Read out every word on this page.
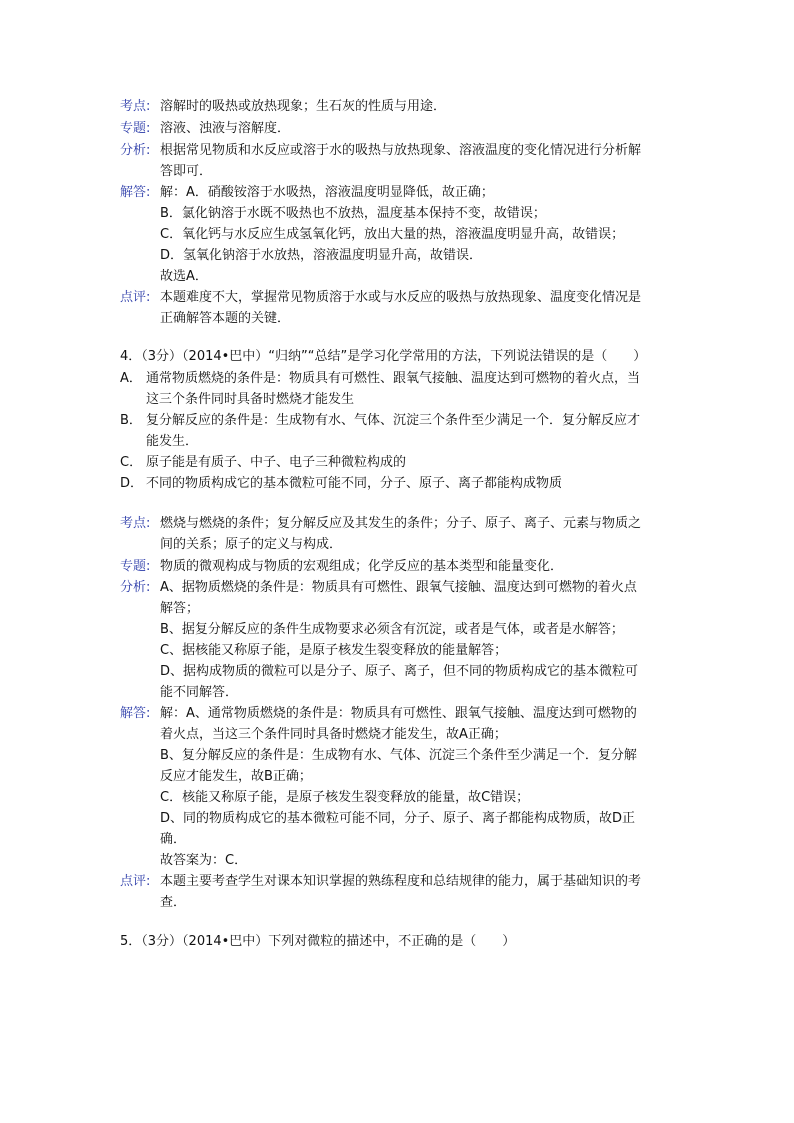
考点: 溶解时的吸热或放热现象；生石灰的性质与用途．
专题: 溶液、浊液与溶解度．
分析: 根据常见物质和水反应或溶于水的吸热与放热现象、溶液温度的变化情况进行分析解
答即可．
解答: 解：A．硝酸铵溶于水吸热，溶液温度明显降低，故正确；
B．氯化钠溶于水既不吸热也不放热，温度基本保持不变，故错误；
C．氧化钙与水反应生成氢氧化钙，放出大量的热，溶液温度明显升高，故错误；
D．氢氧化钠溶于水放热，溶液温度明显升高，故错误．
故选A．
点评: 本题难度不大，掌握常见物质溶于水或与水反应的吸热与放热现象、温度变化情况是
正确解答本题的关键．
4．（3分）（2014•巴中）“归纳”“总结”是学习化学常用的方法，下列说法错误的是（　　）
A． 通常物质燃烧的条件是：物质具有可燃性、跟氧气接触、温度达到可燃物的着火点，当
这三个条件同时具备时燃烧才能发生
B． 复分解反应的条件是：生成物有水、气体、沉淀三个条件至少满足一个．复分解反应才
能发生．
C． 原子能是有质子、中子、电子三种微粒构成的
D． 不同的物质构成它的基本微粒可能不同，分子、原子、离子都能构成物质
考点: 燃烧与燃烧的条件；复分解反应及其发生的条件；分子、原子、离子、元素与物质之
间的关系；原子的定义与构成．
专题: 物质的微观构成与物质的宏观组成；化学反应的基本类型和能量变化．
分析: A、据物质燃烧的条件是：物质具有可燃性、跟氧气接触、温度达到可燃物的着火点
解答；
B、据复分解反应的条件生成物要求必须含有沉淀，或者是气体，或者是水解答；
C、据核能又称原子能，是原子核发生裂变释放的能量解答；
D、据构成物质的微粒可以是分子、原子、离子，但不同的物质构成它的基本微粒可
能不同解答．
解答: 解：A、通常物质燃烧的条件是：物质具有可燃性、跟氧气接触、温度达到可燃物的
着火点，当这三个条件同时具备时燃烧才能发生，故A正确；
B、复分解反应的条件是：生成物有水、气体、沉淀三个条件至少满足一个．复分解
反应才能发生，故B正确；
C．核能又称原子能，是原子核发生裂变释放的能量，故C错误；
D、同的物质构成它的基本微粒可能不同，分子、原子、离子都能构成物质，故D正
确．
故答案为：C．
点评: 本题主要考查学生对课本知识掌握的熟练程度和总结规律的能力，属于基础知识的考
查．
5．（3分）（2014•巴中）下列对微粒的描述中，不正确的是（　　）
